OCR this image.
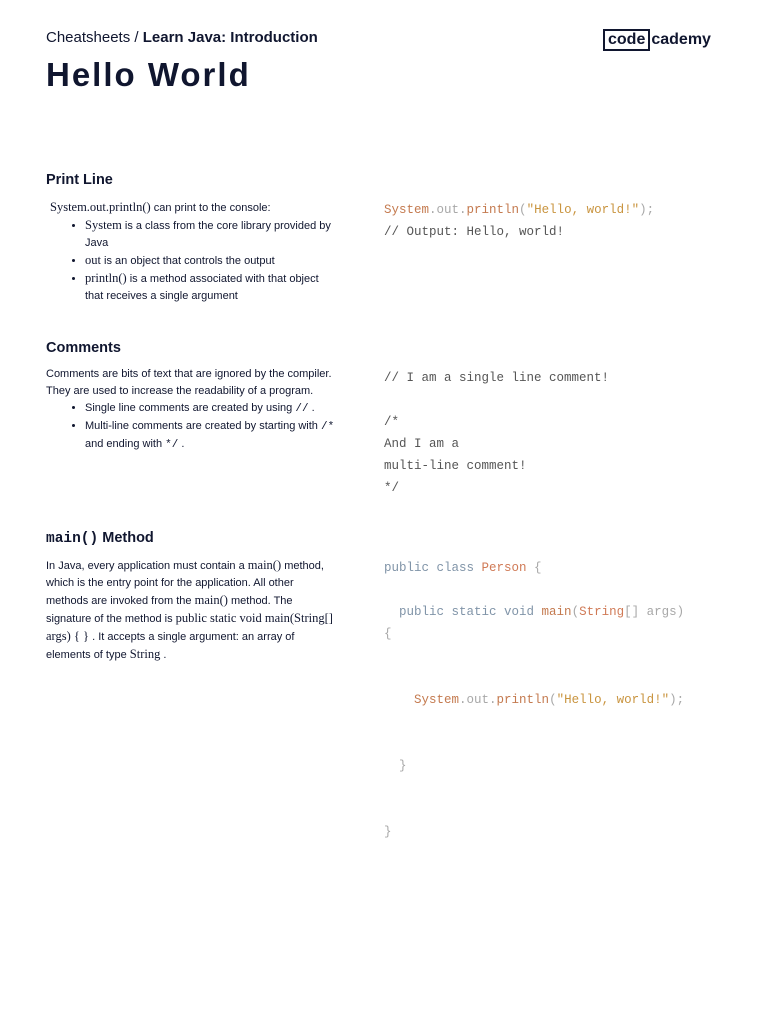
Cheatsheets / Learn Java: Introduction
Hello World
code cademy
Print Line

System.out.println() can print to the console:

• System is a class from the core library provided by Java
• out is an object that controls the output
• println() is a method associated with that object that receives a single argument
System.out.println("Hello, world!");
// Output: Hello, world!
Comments

Comments are bits of text that are ignored by the compiler. They are used to increase the readability of a program.

• Single line comments are created by using // .
• Multi-line comments are created by starting with /* and ending with */ .
// I am a single line comment!

/*
And I am a
multi-line comment!
*/
main() Method

In Java, every application must contain a main() method, which is the entry point for the application. All other methods are invoked from the main() method. The signature of the method is public static void main(String[] args) { } . It accepts a single argument: an array of elements of type String .

public class Person {

public static void main(String[] args)
{

System.out.println("Hello, world!");

}

}
